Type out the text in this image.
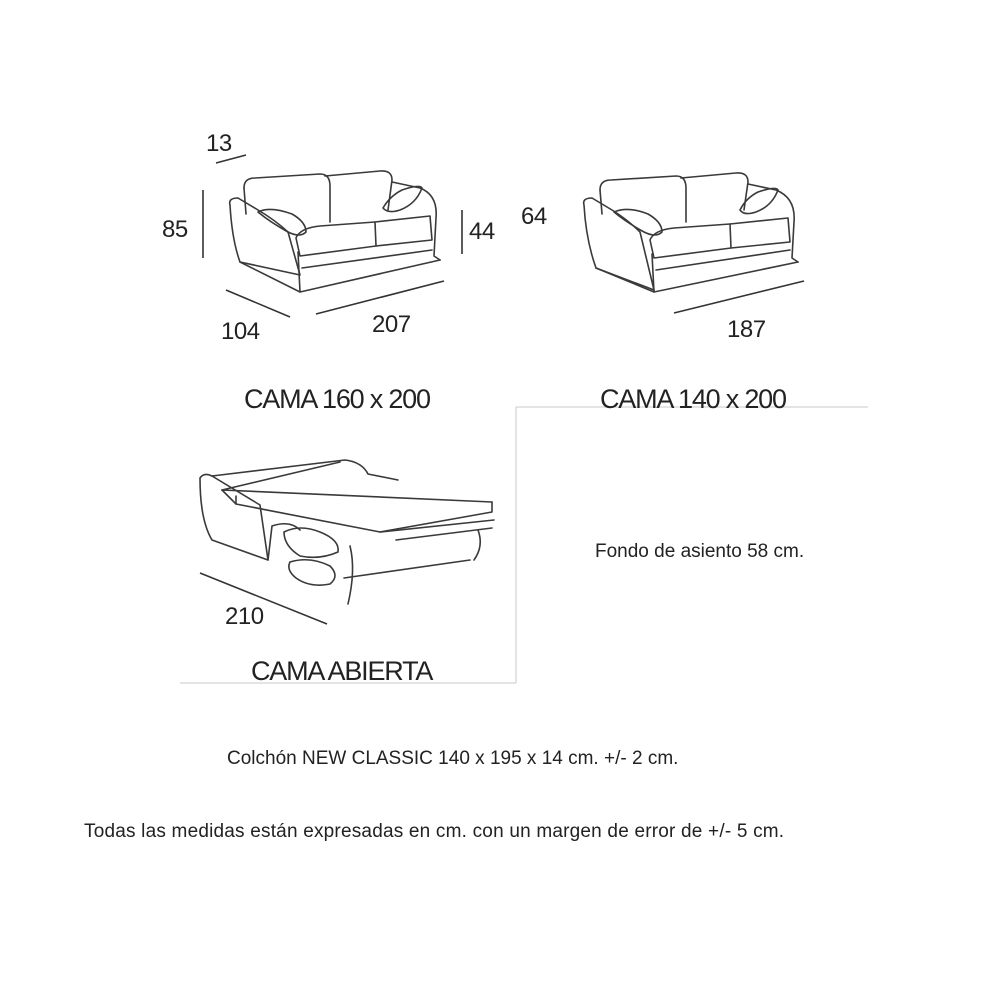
13
85	44
104	207
CAMA 160 x 200
64
187
CAMA 140 x 200
210
CAMA ABIERTA
Fondo de asiento 58 cm.
Colchón NEW CLASSIC 140 x 195 x 14 cm. +/- 2 cm.
Todas las medidas están expresadas en cm. con un margen de error de +/- 5 cm.
